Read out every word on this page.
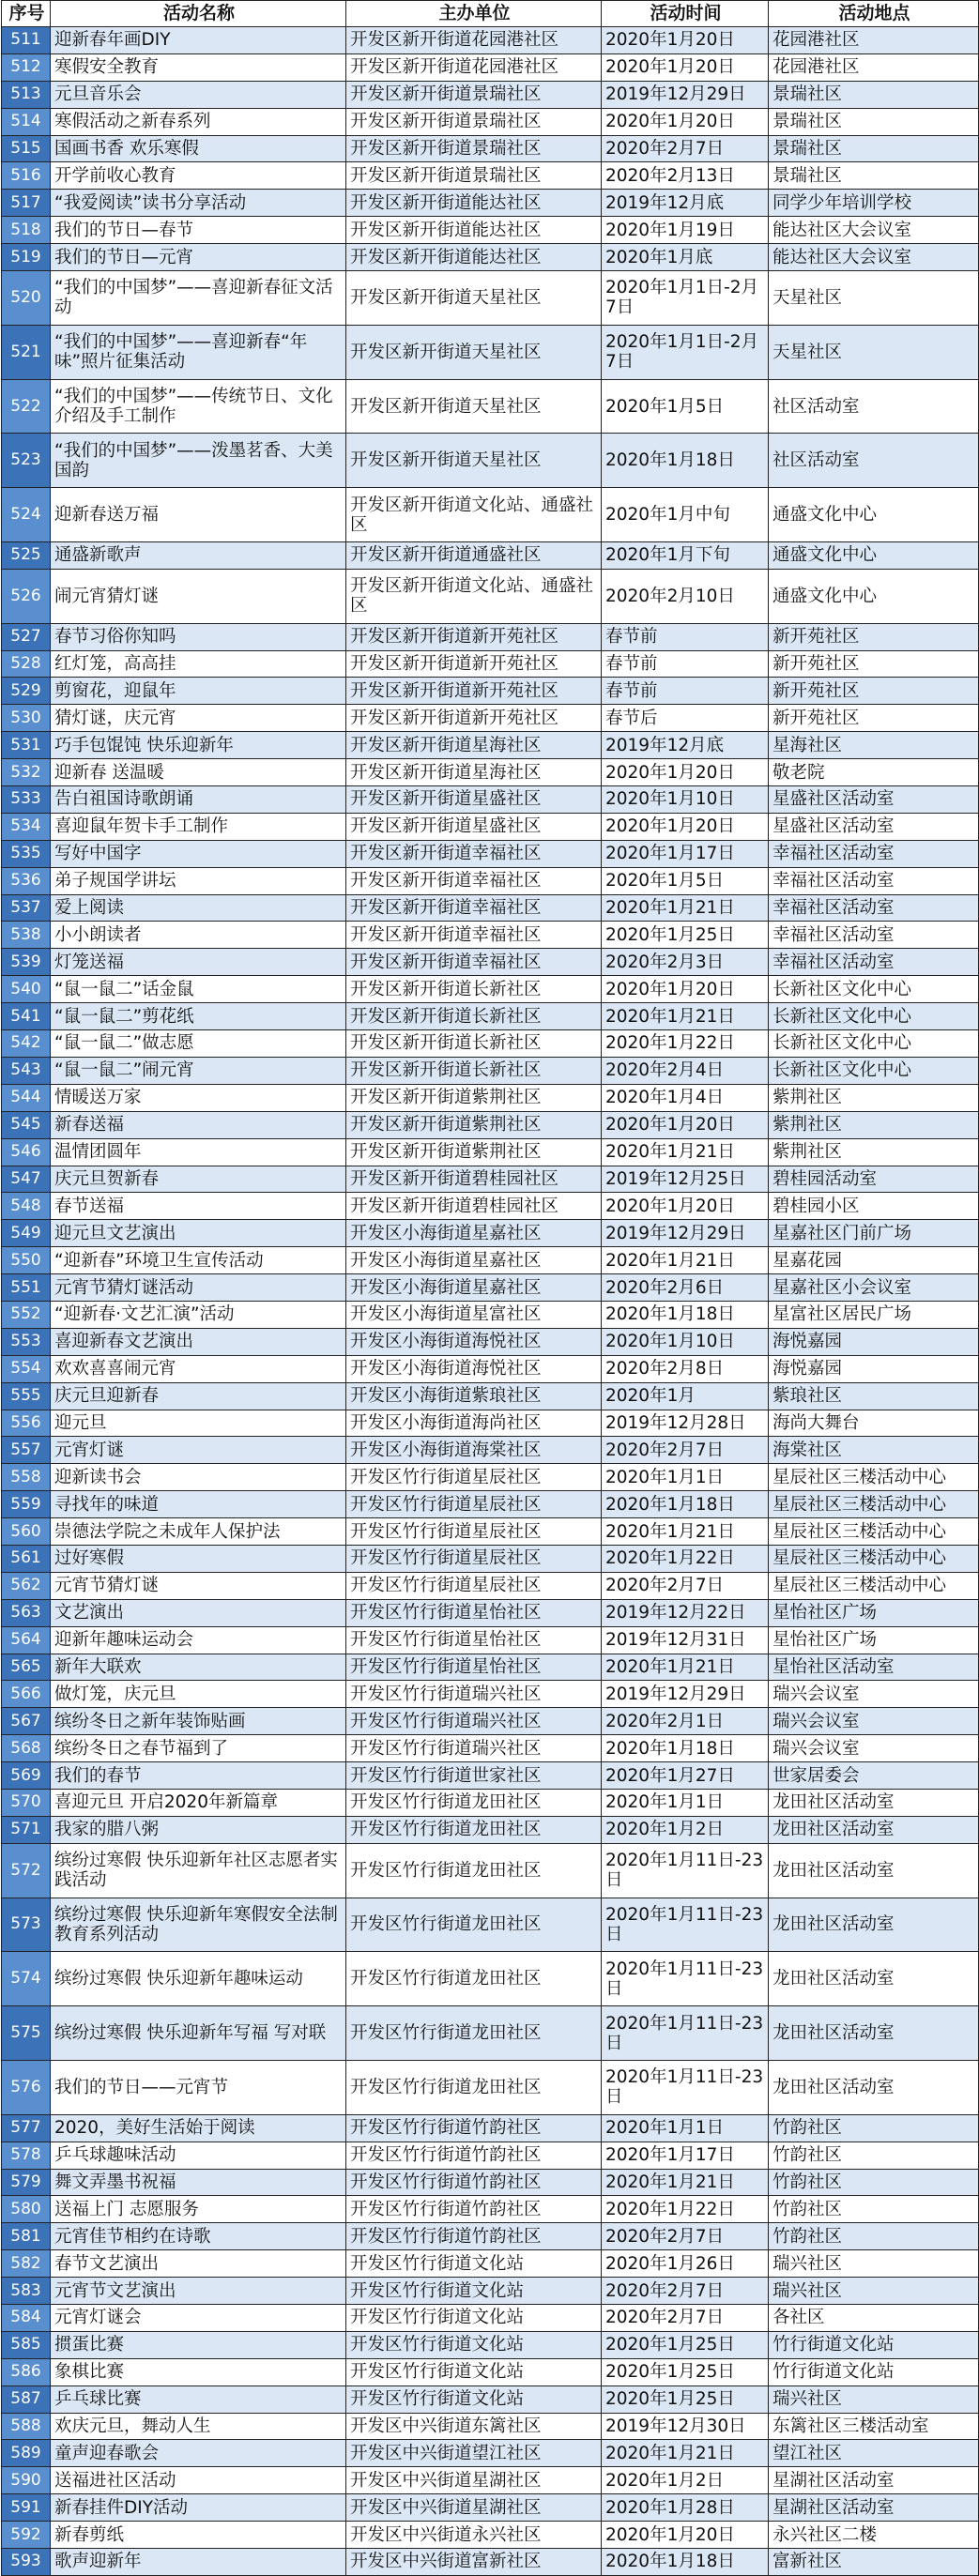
序号	活动名称	主办单位	活动时间	活动地点
511	迎新春年画DIY	开发区新开街道花园港社区	2020年1月20日	花园港社区
512	寒假安全教育	开发区新开街道花园港社区	2020年1月20日	花园港社区
513	元旦音乐会	开发区新开街道景瑞社区	2019年12月29日	景瑞社区
514	寒假活动之新春系列	开发区新开街道景瑞社区	2020年1月20日	景瑞社区
515	国画书香 欢乐寒假	开发区新开街道景瑞社区	2020年2月7日	景瑞社区
516	开学前收心教育	开发区新开街道景瑞社区	2020年2月13日	景瑞社区
517	“我爱阅读”读书分享活动	开发区新开街道能达社区	2019年12月底	同学少年培训学校
518	我们的节日—春节	开发区新开街道能达社区	2020年1月19日	能达社区大会议室
519	我们的节日—元宵	开发区新开街道能达社区	2020年1月底	能达社区大会议室
520	“我们的中国梦”——喜迎新春征文活动	开发区新开街道天星社区	2020年1月1日-2月7日	天星社区
521	“我们的中国梦”——喜迎新春“年味”照片征集活动	开发区新开街道天星社区	2020年1月1日-2月7日	天星社区
522	“我们的中国梦”——传统节日、文化介绍及手工制作	开发区新开街道天星社区	2020年1月5日	社区活动室
523	“我们的中国梦”——泼墨茗香、大美国韵	开发区新开街道天星社区	2020年1月18日	社区活动室
524	迎新春送万福	开发区新开街道文化站、通盛社区	2020年1月中旬	通盛文化中心
525	通盛新歌声	开发区新开街道通盛社区	2020年1月下旬	通盛文化中心
526	闹元宵猜灯谜	开发区新开街道文化站、通盛社区	2020年2月10日	通盛文化中心
527	春节习俗你知吗	开发区新开街道新开苑社区	春节前	新开苑社区
528	红灯笼，高高挂	开发区新开街道新开苑社区	春节前	新开苑社区
529	剪窗花，迎鼠年	开发区新开街道新开苑社区	春节前	新开苑社区
530	猜灯谜，庆元宵	开发区新开街道新开苑社区	春节后	新开苑社区
531	巧手包馄饨 快乐迎新年	开发区新开街道星海社区	2019年12月底	星海社区
532	迎新春 送温暖	开发区新开街道星海社区	2020年1月20日	敬老院
533	告白祖国诗歌朗诵	开发区新开街道星盛社区	2020年1月10日	星盛社区活动室
534	喜迎鼠年贺卡手工制作	开发区新开街道星盛社区	2020年1月20日	星盛社区活动室
535	写好中国字	开发区新开街道幸福社区	2020年1月17日	幸福社区活动室
536	弟子规国学讲坛	开发区新开街道幸福社区	2020年1月5日	幸福社区活动室
537	爱上阅读	开发区新开街道幸福社区	2020年1月21日	幸福社区活动室
538	小小朗读者	开发区新开街道幸福社区	2020年1月25日	幸福社区活动室
539	灯笼送福	开发区新开街道幸福社区	2020年2月3日	幸福社区活动室
540	“鼠一鼠二”话金鼠	开发区新开街道长新社区	2020年1月20日	长新社区文化中心
541	“鼠一鼠二”剪花纸	开发区新开街道长新社区	2020年1月21日	长新社区文化中心
542	“鼠一鼠二”做志愿	开发区新开街道长新社区	2020年1月22日	长新社区文化中心
543	“鼠一鼠二”闹元宵	开发区新开街道长新社区	2020年2月4日	长新社区文化中心
544	情暖送万家	开发区新开街道紫荆社区	2020年1月4日	紫荆社区
545	新春送福	开发区新开街道紫荆社区	2020年1月20日	紫荆社区
546	温情团圆年	开发区新开街道紫荆社区	2020年1月21日	紫荆社区
547	庆元旦贺新春	开发区新开街道碧桂园社区	2019年12月25日	碧桂园活动室
548	春节送福	开发区新开街道碧桂园社区	2020年1月20日	碧桂园小区
549	迎元旦文艺演出	开发区小海街道星嘉社区	2019年12月29日	星嘉社区门前广场
550	“迎新春”环境卫生宣传活动	开发区小海街道星嘉社区	2020年1月21日	星嘉花园
551	元宵节猜灯谜活动	开发区小海街道星嘉社区	2020年2月6日	星嘉社区小会议室
552	“迎新春·文艺汇演”活动	开发区小海街道星富社区	2020年1月18日	星富社区居民广场
553	喜迎新春文艺演出	开发区小海街道海悦社区	2020年1月10日	海悦嘉园
554	欢欢喜喜闹元宵	开发区小海街道海悦社区	2020年2月8日	海悦嘉园
555	庆元旦迎新春	开发区小海街道紫琅社区	2020年1月	紫琅社区
556	迎元旦	开发区小海街道海尚社区	2019年12月28日	海尚大舞台
557	元宵灯谜	开发区小海街道海棠社区	2020年2月7日	海棠社区
558	迎新读书会	开发区竹行街道星辰社区	2020年1月1日	星辰社区三楼活动中心
559	寻找年的味道	开发区竹行街道星辰社区	2020年1月18日	星辰社区三楼活动中心
560	崇德法学院之未成年人保护法	开发区竹行街道星辰社区	2020年1月21日	星辰社区三楼活动中心
561	过好寒假	开发区竹行街道星辰社区	2020年1月22日	星辰社区三楼活动中心
562	元宵节猜灯谜	开发区竹行街道星辰社区	2020年2月7日	星辰社区三楼活动中心
563	文艺演出	开发区竹行街道星怡社区	2019年12月22日	星怡社区广场
564	迎新年趣味运动会	开发区竹行街道星怡社区	2019年12月31日	星怡社区广场
565	新年大联欢	开发区竹行街道星怡社区	2020年1月21日	星怡社区活动室
566	做灯笼，庆元旦	开发区竹行街道瑞兴社区	2019年12月29日	瑞兴会议室
567	缤纷冬日之新年装饰贴画	开发区竹行街道瑞兴社区	2020年2月1日	瑞兴会议室
568	缤纷冬日之春节福到了	开发区竹行街道瑞兴社区	2020年1月18日	瑞兴会议室
569	我们的春节	开发区竹行街道世家社区	2020年1月27日	世家居委会
570	喜迎元旦 开启2020年新篇章	开发区竹行街道龙田社区	2020年1月1日	龙田社区活动室
571	我家的腊八粥	开发区竹行街道龙田社区	2020年1月2日	龙田社区活动室
572	缤纷过寒假 快乐迎新年社区志愿者实践活动	开发区竹行街道龙田社区	2020年1月11日-23日	龙田社区活动室
573	缤纷过寒假 快乐迎新年寒假安全法制教育系列活动	开发区竹行街道龙田社区	2020年1月11日-23日	龙田社区活动室
574	缤纷过寒假 快乐迎新年趣味运动	开发区竹行街道龙田社区	2020年1月11日-23日	龙田社区活动室
575	缤纷过寒假 快乐迎新年写福 写对联	开发区竹行街道龙田社区	2020年1月11日-23日	龙田社区活动室
576	我们的节日——元宵节	开发区竹行街道龙田社区	2020年1月11日-23日	龙田社区活动室
577	2020，美好生活始于阅读	开发区竹行街道竹韵社区	2020年1月1日	竹韵社区
578	乒乓球趣味活动	开发区竹行街道竹韵社区	2020年1月17日	竹韵社区
579	舞文弄墨书祝福	开发区竹行街道竹韵社区	2020年1月21日	竹韵社区
580	送福上门 志愿服务	开发区竹行街道竹韵社区	2020年1月22日	竹韵社区
581	元宵佳节相约在诗歌	开发区竹行街道竹韵社区	2020年2月7日	竹韵社区
582	春节文艺演出	开发区竹行街道文化站	2020年1月26日	瑞兴社区
583	元宵节文艺演出	开发区竹行街道文化站	2020年2月7日	瑞兴社区
584	元宵灯谜会	开发区竹行街道文化站	2020年2月7日	各社区
585	掼蛋比赛	开发区竹行街道文化站	2020年1月25日	竹行街道文化站
586	象棋比赛	开发区竹行街道文化站	2020年1月25日	竹行街道文化站
587	乒乓球比赛	开发区竹行街道文化站	2020年1月25日	瑞兴社区
588	欢庆元旦，舞动人生	开发区中兴街道东篱社区	2019年12月30日	东篱社区三楼活动室
589	童声迎春歌会	开发区中兴街道望江社区	2020年1月21日	望江社区
590	送福进社区活动	开发区中兴街道星湖社区	2020年1月2日	星湖社区活动室
591	新春挂件DIY活动	开发区中兴街道星湖社区	2020年1月28日	星湖社区活动室
592	新春剪纸	开发区中兴街道永兴社区	2020年1月20日	永兴社区二楼
593	歌声迎新年	开发区中兴街道富新社区	2020年1月18日	富新社区
